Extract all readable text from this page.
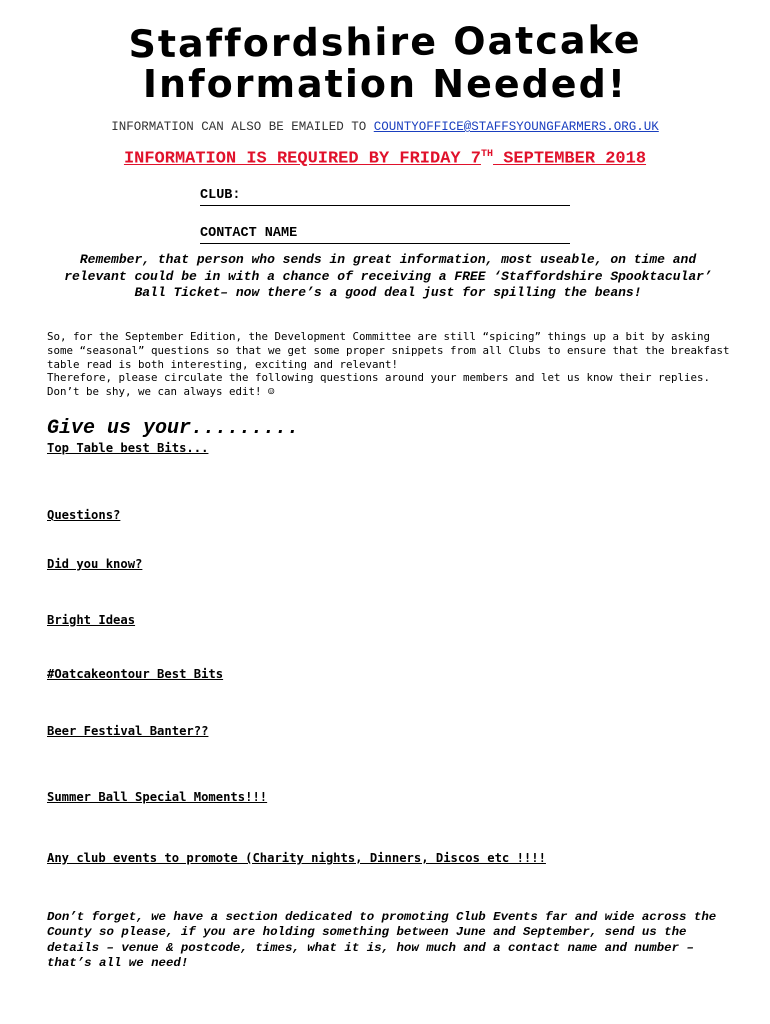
Staffordshire Oatcake
Information Needed!
INFORMATION CAN ALSO BE EMAILED TO COUNTYOFFICE@STAFFSYOUNGFARMERS.ORG.UK
INFORMATION IS REQUIRED BY FRIDAY 7TH SEPTEMBER 2018
CLUB:
CONTACT NAME
Remember, that person who sends in great information, most useable, on time and relevant could be in with a chance of receiving a FREE ‘Staffordshire Spooktacular’ Ball Ticket– now there’s a good deal just for spilling the beans!

So, for the September Edition, the Development Committee are still “spicing” things up a bit by asking some “seasonal” questions so that we get some proper snippets from all Clubs to ensure that the breakfast table read is both interesting, exciting and relevant!

Therefore, please circulate the following questions around your members and let us know their replies. Don’t be shy, we can always edit! ☺

Give us your.........
Top Table best Bits...
Questions?
Did you know?
Bright Ideas
#Oatcakeontour Best Bits
Beer Festival Banter??
Summer Ball Special Moments!!!
Any club events to promote (Charity nights, Dinners, Discos etc !!!!
Don’t forget, we have a section dedicated to promoting Club Events far and wide across the County so please, if you are holding something between June and September, send us the details – venue & postcode, times, what it is, how much and a contact name and number – that’s all we need!
